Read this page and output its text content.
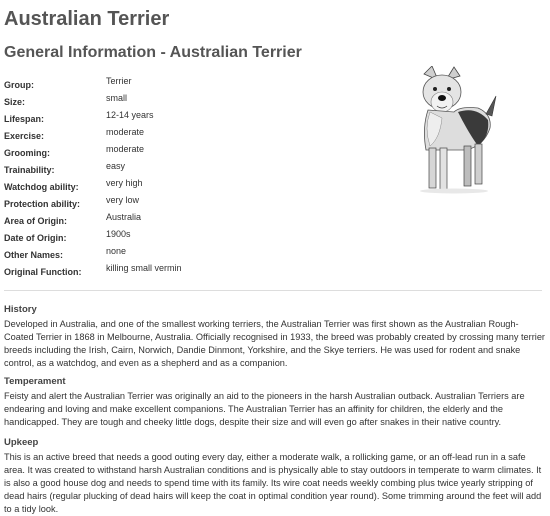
Australian Terrier
General Information - Australian Terrier
Group:	Terrier
Size:	small
Lifespan:	12-14 years
Exercise:	moderate
Grooming:	moderate
Trainability:	easy
Watchdog ability:	very high
Protection ability:	very low
Area of Origin:	Australia
Date of Origin:	1900s
Other Names:	none
Original Function:	killing small vermin
History

Developed in Australia, and one of the smallest working terriers, the Australian Terrier was first shown as the Australian Rough-Coated Terrier in 1868 in Melbourne, Australia. Officially recognised in 1933, the breed was probably created by crossing many terrier breeds including the Irish, Cairn, Norwich, Dandie Dinmont, Yorkshire, and the Skye terriers. He was used for rodent and snake control, as a watchdog, and even as a shepherd and as a companion.

Temperament

Feisty and alert the Australian Terrier was originally an aid to the pioneers in the harsh Australian outback. Australian Terriers are endearing and loving and make excellent companions. The Australian Terrier has an affinity for children, the elderly and the handicapped. They are tough and cheeky little dogs, despite their size and will even go after snakes in their native country.

Upkeep

This is an active breed that needs a good outing every day, either a moderate walk, a rollicking game, or an off-lead run in a safe area. It was created to withstand harsh Australian conditions and is physically able to stay outdoors in temperate to warm climates. It is also a good house dog and needs to spend time with its family. Its wire coat needs weekly combing plus twice yearly stripping of dead hairs (regular plucking of dead hairs will keep the coat in optimal condition year round). Some trimming around the feet will add to a tidy look.
